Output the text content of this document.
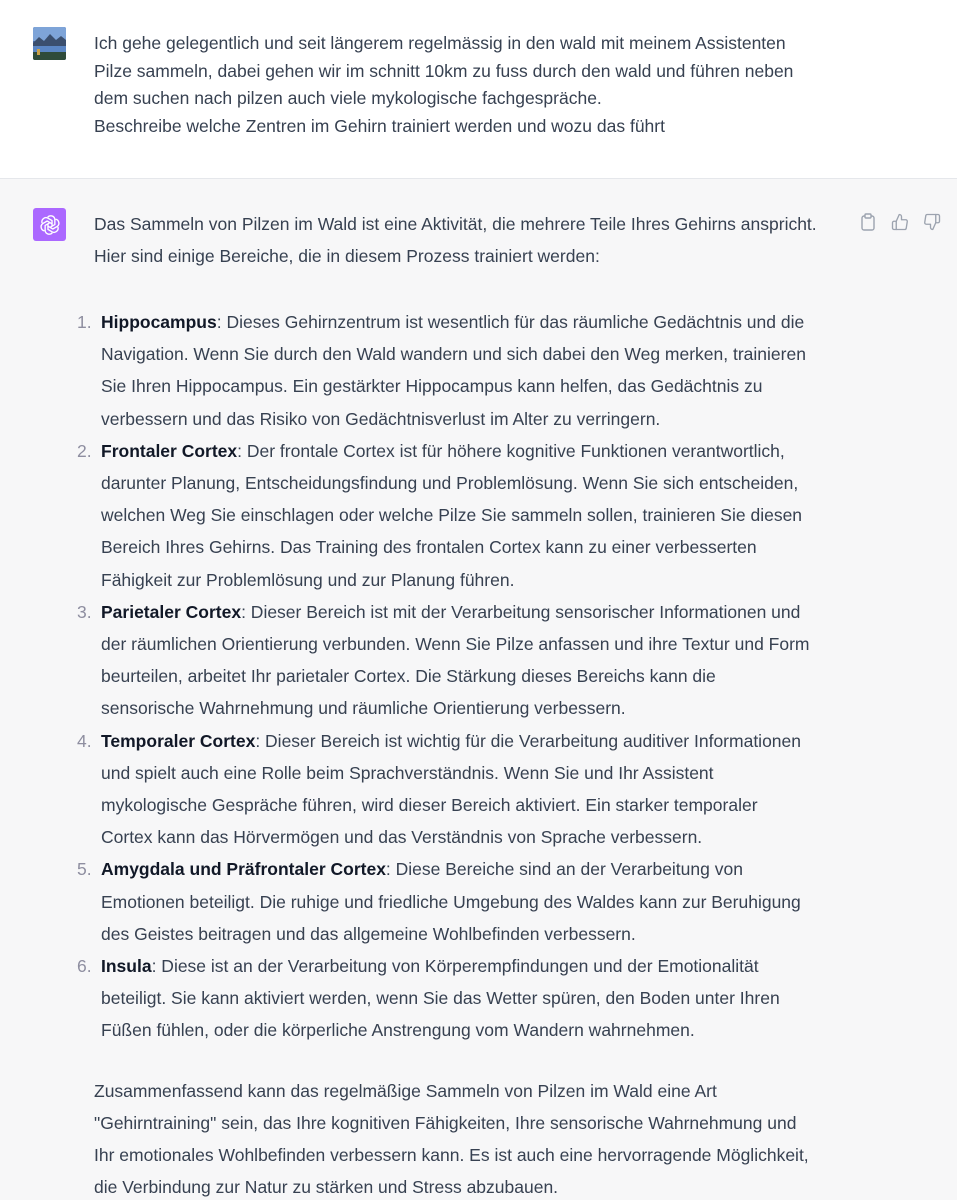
Ich gehe gelegentlich und seit längerem regelmässig in den wald mit meinem Assistenten
Pilze sammeln, dabei gehen wir im schnitt 10km zu fuss durch den wald und führen neben
dem suchen nach pilzen auch viele mykologische fachgespräche.
Beschreibe welche Zentren im Gehirn trainiert werden und wozu das führt
Das Sammeln von Pilzen im Wald ist eine Aktivität, die mehrere Teile Ihres Gehirns anspricht.
Hier sind einige Bereiche, die in diesem Prozess trainiert werden:
1. Hippocampus: Dieses Gehirnzentrum ist wesentlich für das räumliche Gedächtnis und die
Navigation. Wenn Sie durch den Wald wandern und sich dabei den Weg merken, trainieren
Sie Ihren Hippocampus. Ein gestärkter Hippocampus kann helfen, das Gedächtnis zu
verbessern und das Risiko von Gedächtnisverlust im Alter zu verringern.
2. Frontaler Cortex: Der frontale Cortex ist für höhere kognitive Funktionen verantwortlich,
darunter Planung, Entscheidungsfindung und Problemlösung. Wenn Sie sich entscheiden,
welchen Weg Sie einschlagen oder welche Pilze Sie sammeln sollen, trainieren Sie diesen
Bereich Ihres Gehirns. Das Training des frontalen Cortex kann zu einer verbesserten
Fähigkeit zur Problemlösung und zur Planung führen.
3. Parietaler Cortex: Dieser Bereich ist mit der Verarbeitung sensorischer Informationen und
der räumlichen Orientierung verbunden. Wenn Sie Pilze anfassen und ihre Textur und Form
beurteilen, arbeitet Ihr parietaler Cortex. Die Stärkung dieses Bereichs kann die
sensorische Wahrnehmung und räumliche Orientierung verbessern.
4. Temporaler Cortex: Dieser Bereich ist wichtig für die Verarbeitung auditiver Informationen
und spielt auch eine Rolle beim Sprachverständnis. Wenn Sie und Ihr Assistent
mykologische Gespräche führen, wird dieser Bereich aktiviert. Ein starker temporaler
Cortex kann das Hörvermögen und das Verständnis von Sprache verbessern.
5. Amygdala und Präfrontaler Cortex: Diese Bereiche sind an der Verarbeitung von
Emotionen beteiligt. Die ruhige und friedliche Umgebung des Waldes kann zur Beruhigung
des Geistes beitragen und das allgemeine Wohlbefinden verbessern.
6. Insula: Diese ist an der Verarbeitung von Körperempfindungen und der Emotionalität
beteiligt. Sie kann aktiviert werden, wenn Sie das Wetter spüren, den Boden unter Ihren
Füßen fühlen, oder die körperliche Anstrengung vom Wandern wahrnehmen.
Zusammenfassend kann das regelmäßige Sammeln von Pilzen im Wald eine Art
"Gehirntraining" sein, das Ihre kognitiven Fähigkeiten, Ihre sensorische Wahrnehmung und
Ihr emotionales Wohlbefinden verbessern kann. Es ist auch eine hervorragende Möglichkeit,
die Verbindung zur Natur zu stärken und Stress abzubauen.
